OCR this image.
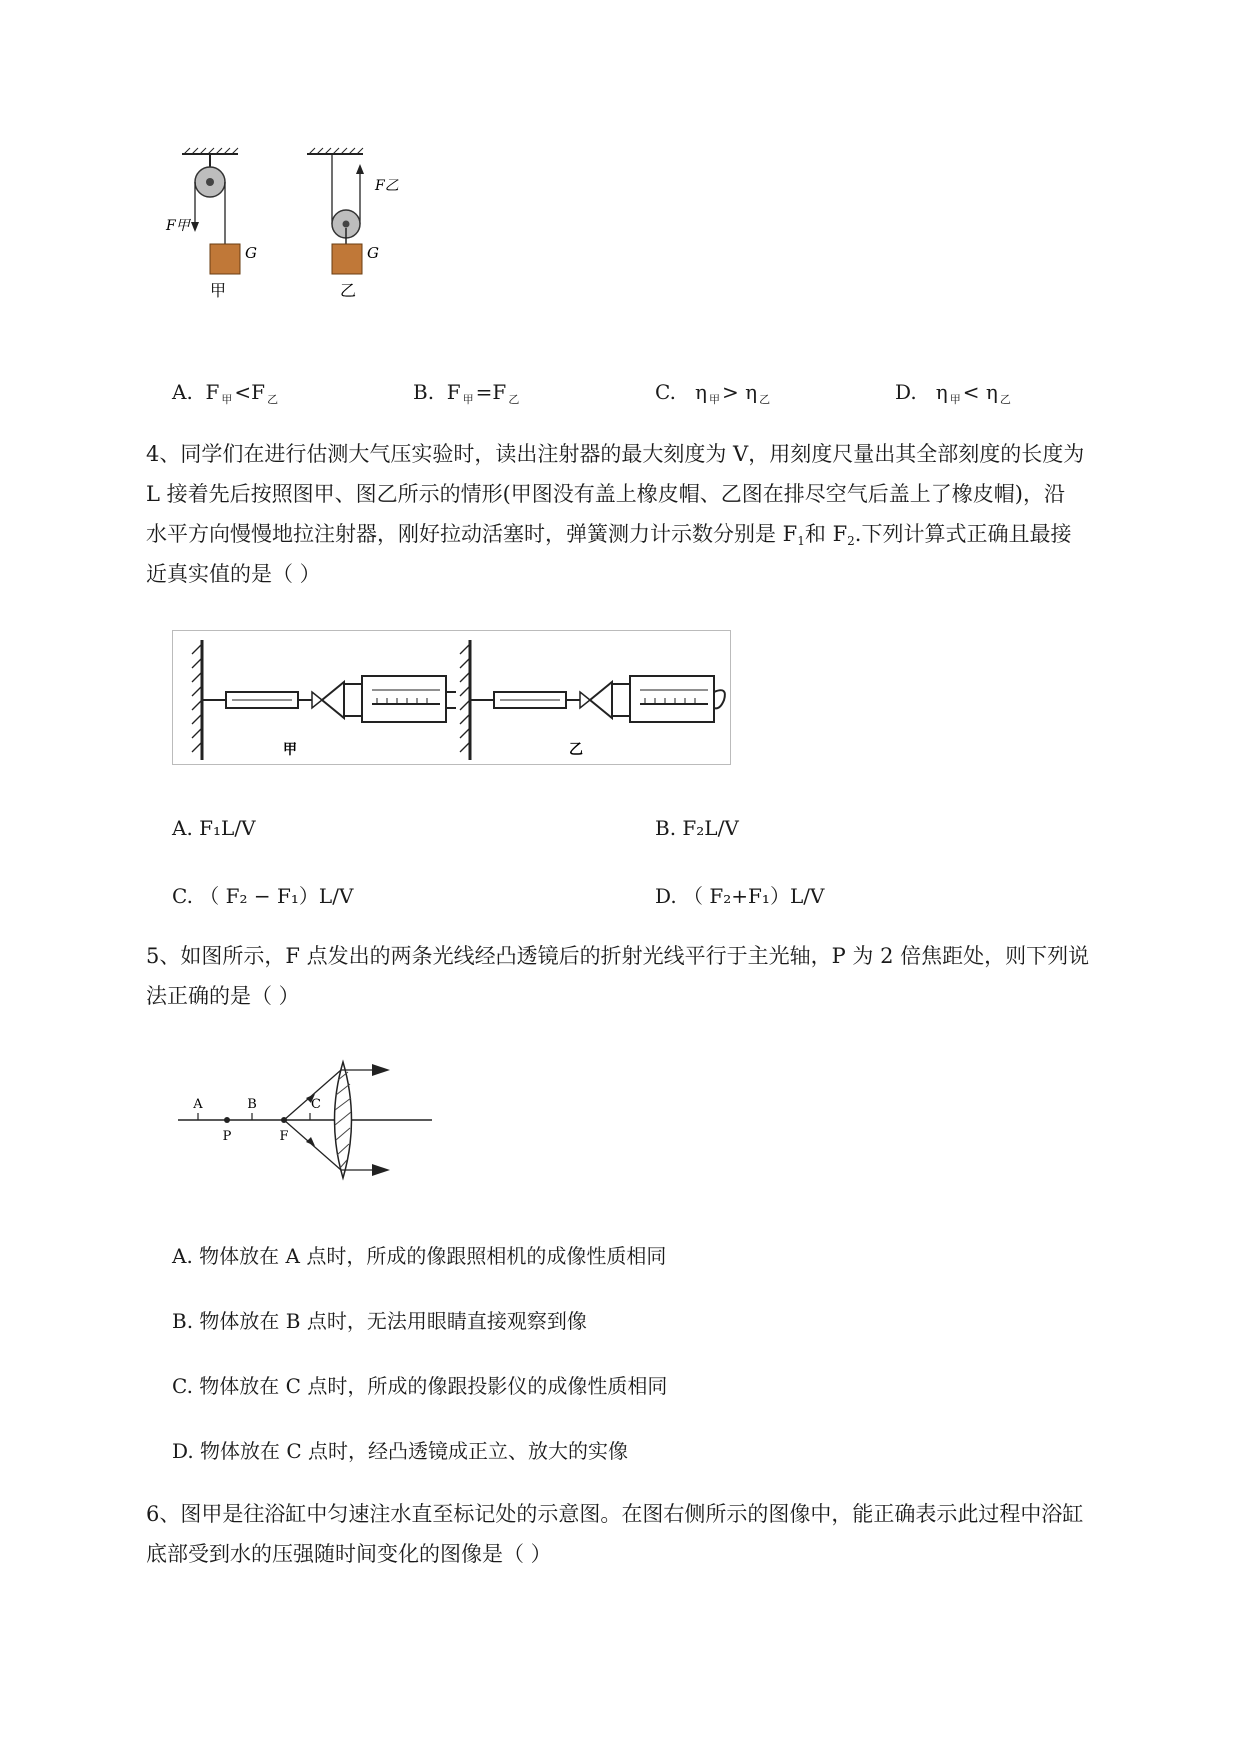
G
F甲
甲
G
F乙
乙
A. F $_甲$ <F $_乙$	B. F $_甲$ =F $_乙$	C. η $_甲$ > η $_乙$	D. η $_甲$ < η $_乙$
4、同学们在进行估测大气压实验时，读出注射器的最大刻度为 V，用刻度尺量出其全部刻度的长度为
L 接着先后按照图甲、图乙所示的情形(甲图没有盖上橡皮帽、乙图在排尽空气后盖上了橡皮帽)，沿
水平方向慢慢地拉注射器，刚好拉动活塞时，弹簧测力计示数分别是 $F_1$和 $F_2$.下列计算式正确且最接
近真实值的是（ ）
甲	乙
A. F₁L/V	B. F₂L/V
C. （ F₂ − F₁）L/V	D. （ F₂+F₁）L/V
5、如图所示，F 点发出的两条光线经凸透镜后的折射光线平行于主光轴，P 为 2 倍焦距处，则下列说
法正确的是（ ）
A	B	C
P	F
A. 物体放在 A 点时，所成的像跟照相机的成像性质相同
B. 物体放在 B 点时，无法用眼睛直接观察到像
C. 物体放在 C 点时，所成的像跟投影仪的成像性质相同
D. 物体放在 C 点时，经凸透镜成正立、放大的实像
6、图甲是往浴缸中匀速注水直至标记处的示意图。在图右侧所示的图像中，能正确表示此过程中浴缸
底部受到水的压强随时间变化的图像是（ ）
